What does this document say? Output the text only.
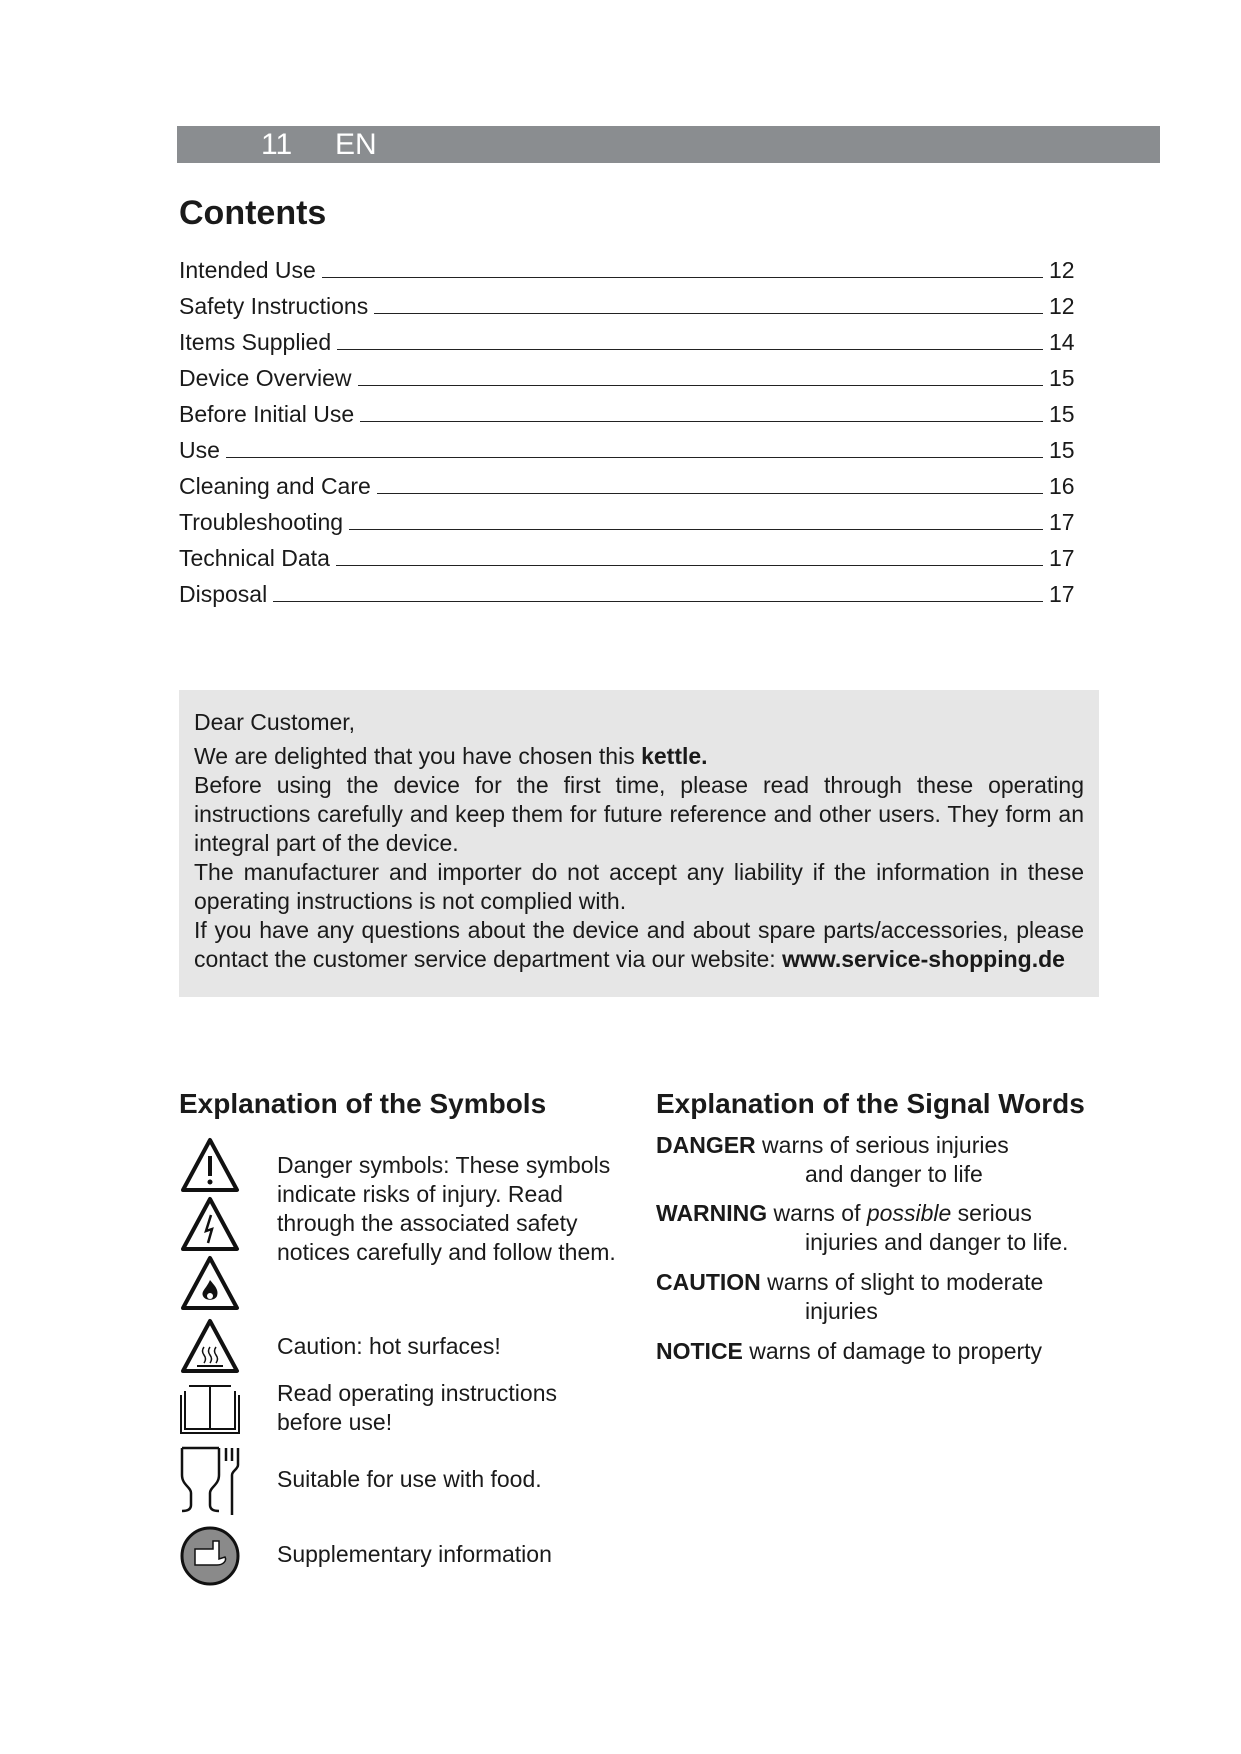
11 EN
Contents
Intended Use	12
Safety Instructions	12
Items Supplied	14
Device Overview	15
Before Initial Use	15
Use	15
Cleaning and Care	16
Troubleshooting	17
Technical Data	17
Disposal	17

Dear Customer,

We are delighted that you have chosen this kettle.

Before using the device for the first time, please read through these operating instructions carefully and keep them for future reference and other users. They form an integral part of the device.

The manufacturer and importer do not accept any liability if the information in these operating instructions is not complied with.

If you have any questions about the device and about spare parts/accessories, please contact the customer service department via our website: www.service-shopping.de

Explanation of the Symbols	Explanation of the Signal Words
Danger symbols: These symbols indicate risks of injury. Read through the associated safety notices carefully and follow them.
Caution: hot surfaces!
Read operating instructions before use!
Suitable for use with food.
Supplementary information
DANGER warns of serious injuries
and danger to life
WARNING warns of possible serious
injuries and danger to life.
CAUTION warns of slight to moderate
injuries
NOTICE warns of damage to property
